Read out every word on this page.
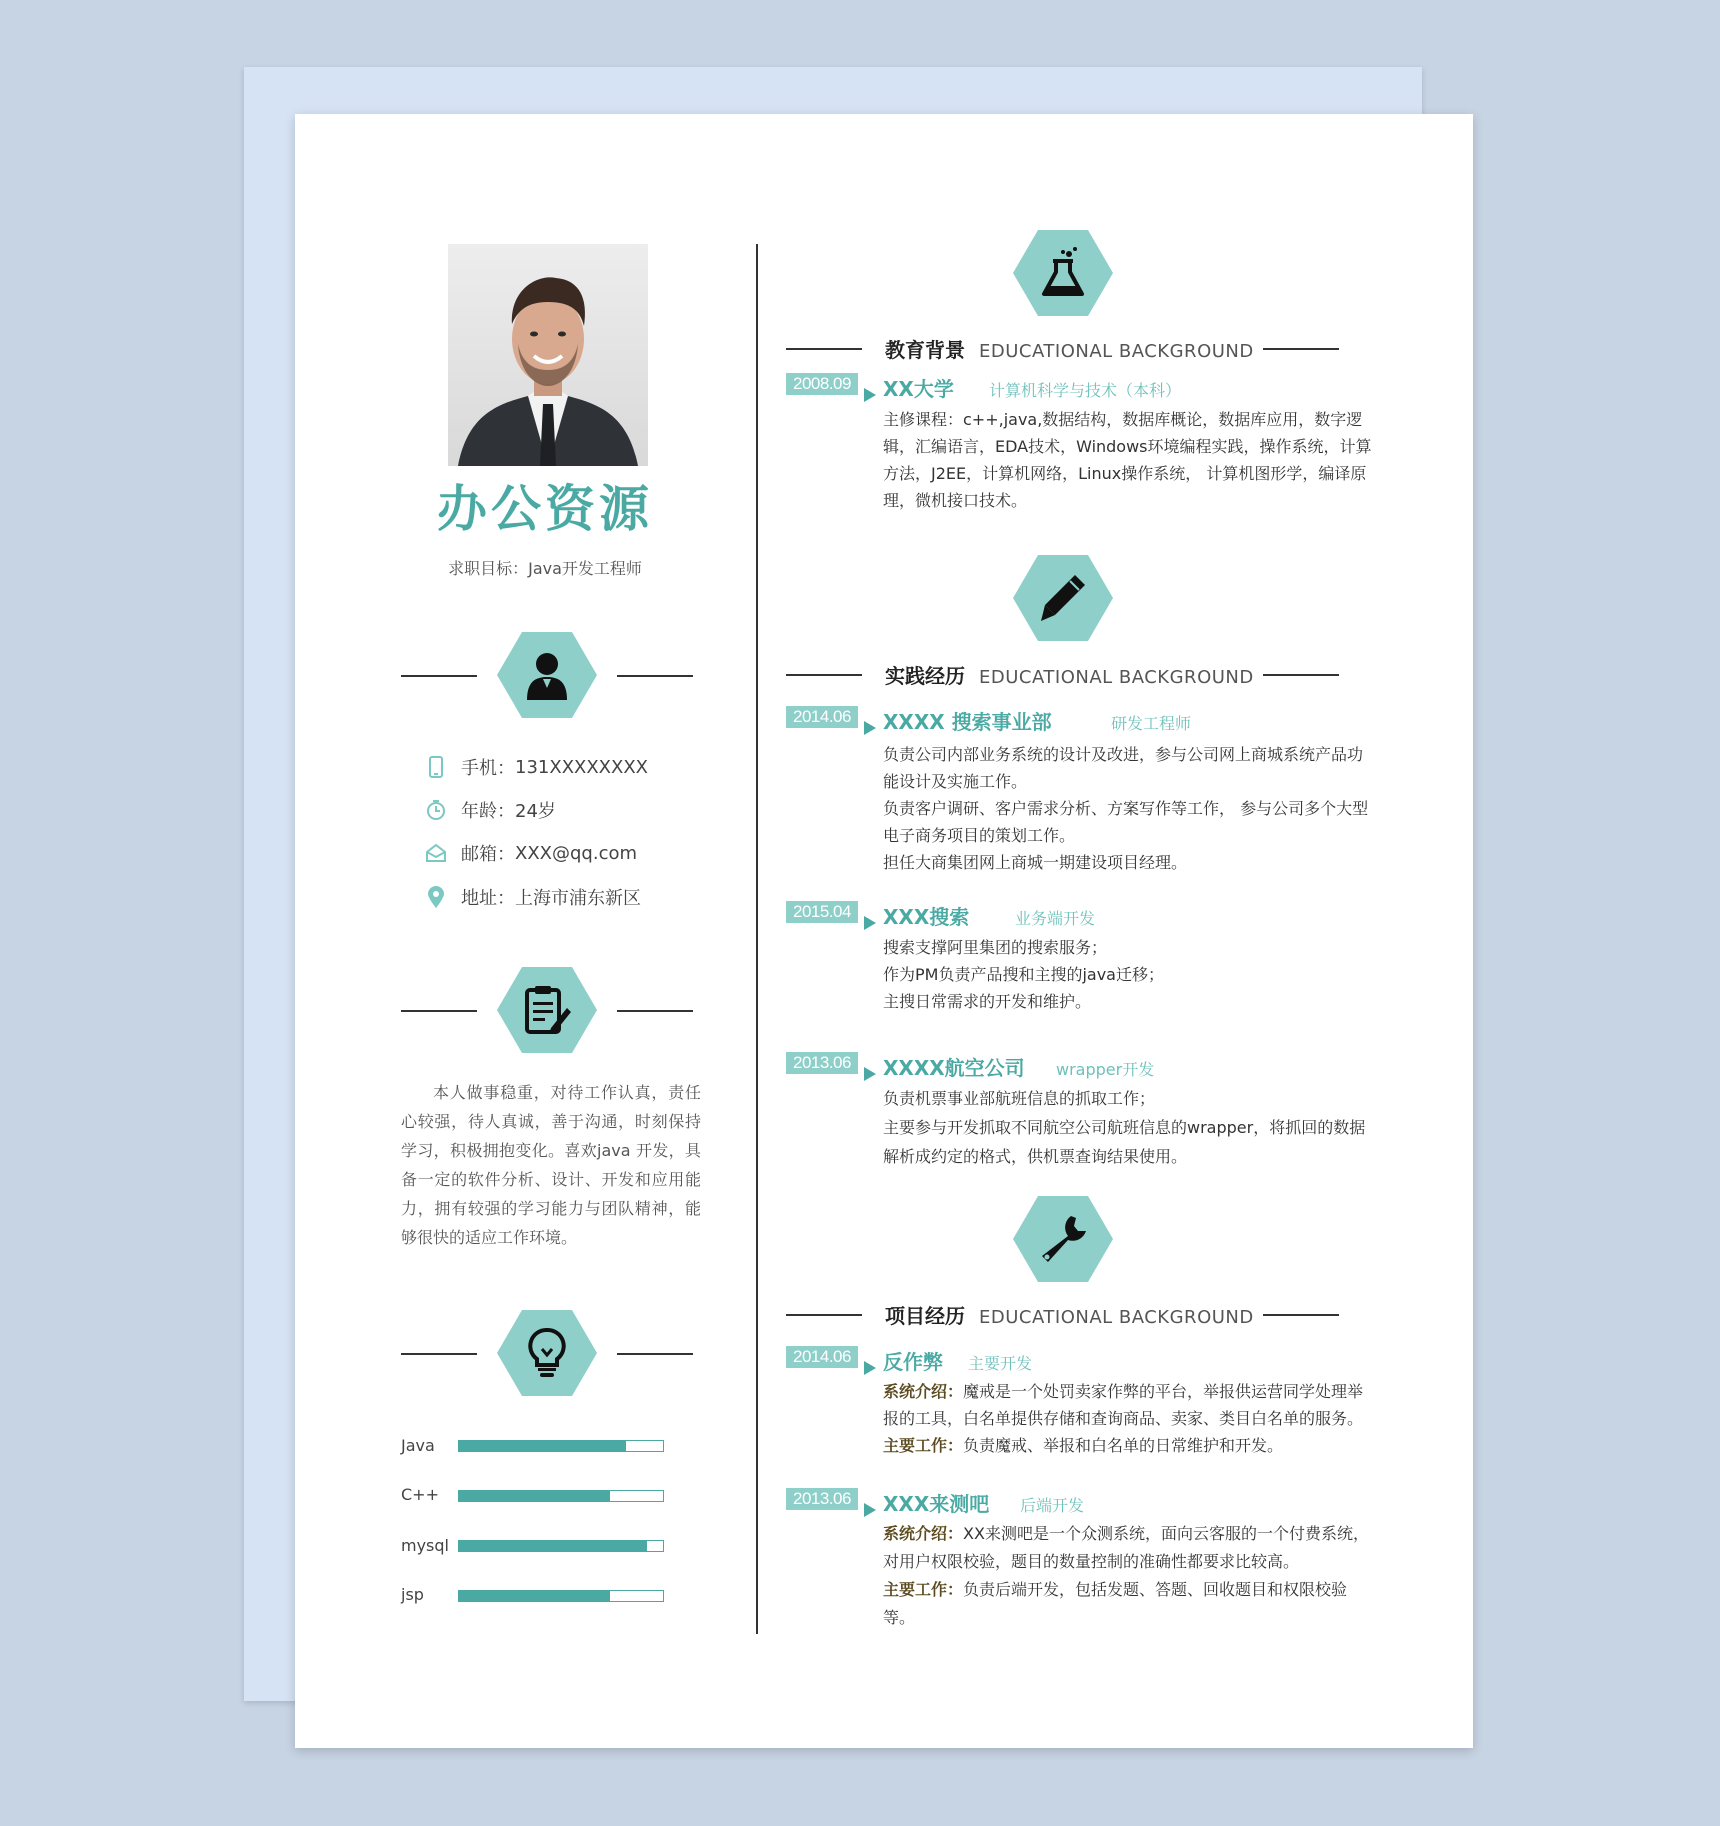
办公资源
求职目标：Java开发工程师
手机： 131XXXXXXXX
年龄： 24岁
邮箱： XXX@qq.com
地址： 上海市浦东新区
本人做事稳重，对待工作认真，责任心较强，待人真诚，善于沟通，时刻保持学习，积极拥抱变化。喜欢java 开发，具备一定的软件分析、设计、开发和应用能力，拥有较强的学习能力与团队精神，能够很快的适应工作环境。
Java
C++
mysql
jsp
教育背景 EDUCATIONAL BACKGROUND
2008.09	XX大学 计算机科学与技术（本科）

主修课程：c++,java,数据结构，数据库概论，数据库应用，数字逻辑，汇编语言，EDA技术，Windows环境编程实践，操作系统，计算方法，J2EE，计算机网络，Linux操作系统， 计算机图形学，编译原理，微机接口技术。

实践经历 EDUCATIONAL BACKGROUND
2014.06	XXXX 搜索事业部	研发工程师

负责公司内部业务系统的设计及改进，参与公司网上商城系统产品功能设计及实施工作。

负责客户调研、客户需求分析、方案写作等工作， 参与公司多个大型电子商务项目的策划工作。

担任大商集团网上商城一期建设项目经理。

2015.04	XXX搜索	业务端开发

搜索支撑阿里集团的搜索服务；

作为PM负责产品搜和主搜的java迁移；

主搜日常需求的开发和维护。

2013.06	XXXX航空公司 wrapper开发

负责机票事业部航班信息的抓取工作；

主要参与开发抓取不同航空公司航班信息的wrapper，将抓回的数据解析成约定的格式，供机票查询结果使用。

项目经历 EDUCATIONAL BACKGROUND
2014.06	反作弊 主要开发

系统介绍：魔戒是一个处罚卖家作弊的平台，举报供运营同学处理举报的工具，白名单提供存储和查询商品、卖家、类目白名单的服务。

主要工作：负责魔戒、举报和白名单的日常维护和开发。

2013.06	XXX来测吧 后端开发

系统介绍：XX来测吧是一个众测系统，面向云客服的一个付费系统，对用户权限校验，题目的数量控制的准确性都要求比较高。

主要工作：负责后端开发，包括发题、答题、回收题目和权限校验等。
